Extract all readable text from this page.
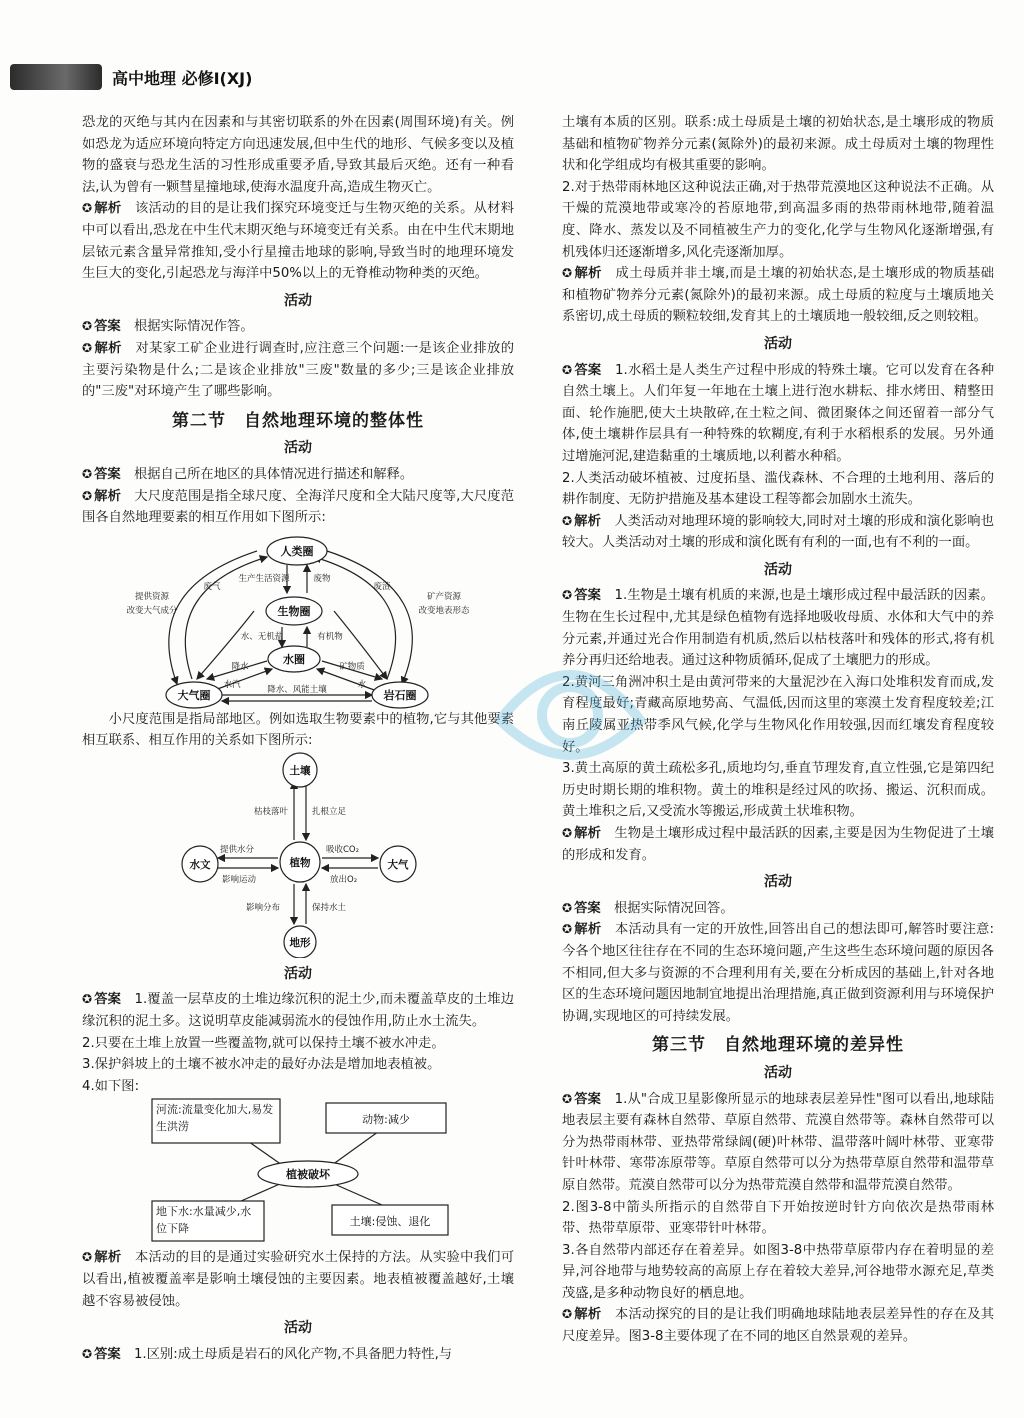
高中地理 必修Ⅰ(XJ)

恐龙的灭绝与其内在因素和与其密切联系的外在因素(周围环境)有关。例如恐龙为适应环境向特定方向迅速发展,但中生代的地形、气候多变以及植物的盛衰与恐龙生活的习性形成重要矛盾,导致其最后灭绝。还有一种看法,认为曾有一颗彗星撞地球,使海水温度升高,造成生物灭亡。

✪ 解析　 该活动的目的是让我们探究环境变迁与生物灭绝的关系。从材料中可以看出,恐龙在中生代末期灭绝与环境变迁有关系。由在中生代末期地层铱元素含量异常推知,受小行星撞击地球的影响,导致当时的地理环境发生巨大的变化,引起恐龙与海洋中50%以上的无脊椎动物种类的灭绝。

活动

✪ 答案　 根据实际情况作答。

✪ 解析　 对某家工矿企业进行调查时,应注意三个问题:一是该企业排放的主要污染物是什么;二是该企业排放"三废"数量的多少;三是该企业排放的"三废"对环境产生了哪些影响。

第二节　自然地理环境的整体性
活动

✪ 答案　 根据自己所在地区的具体情况进行描述和解释。

✪ 解析　 大尺度范围是指全球尺度、全海洋尺度和全大陆尺度等,大尺度范围各自然地理要素的相互作用如下图所示:

人类圈
生物圈
水圈
大气圈	岩石圈
生产生活资源	废物
水、无机盐	有机物
降水
水汽
矿物质
水
降水、风能土壤
提供资源
改变大气成分
废气	废渣
矿产资源
改变地表形态

小尺度范围是指局部地区。例如选取生物要素中的植物,它与其他要素相互联系、相互作用的关系如下图所示:

土壤
植物
水文	大气
地形
枯枝落叶	扎根立足
提供水分
影响运动
吸收CO₂
放出O₂
影响分布	保持水土
活动

✪ 答案　 1.覆盖一层草皮的土堆边缘沉积的泥土少,而未覆盖草皮的土堆边缘沉积的泥土多。这说明草皮能减弱流水的侵蚀作用,防止水土流失。

2.只要在土堆上放置一些覆盖物,就可以保持土壤不被水冲走。

3.保护斜坡上的土壤不被水冲走的最好办法是增加地表植被。

4.如下图:

河流:流量变化加大,易发生洪涝
动物:减少
植被破坏
地下水:水量减少,水位下降
土壤:侵蚀、退化

✪ 解析　 本活动的目的是通过实验研究水土保持的方法。从实验中我们可以看出,植被覆盖率是影响土壤侵蚀的主要因素。地表植被覆盖越好,土壤越不容易被侵蚀。

活动

✪ 答案　 1.区别:成土母质是岩石的风化产物,不具备肥力特性,与

土壤有本质的区别。联系:成土母质是土壤的初始状态,是土壤形成的物质基础和植物矿物养分元素(氮除外)的最初来源。成土母质对土壤的物理性状和化学组成均有极其重要的影响。

2.对于热带雨林地区这种说法正确,对于热带荒漠地区这种说法不正确。从干燥的荒漠地带或寒冷的苔原地带,到高温多雨的热带雨林地带,随着温度、降水、蒸发以及不同植被生产力的变化,化学与生物风化逐渐增强,有机残体归还逐渐增多,风化壳逐渐加厚。

✪ 解析　 成土母质并非土壤,而是土壤的初始状态,是土壤形成的物质基础和植物矿物养分元素(氮除外)的最初来源。成土母质的粒度与土壤质地关系密切,成土母质的颗粒较细,发育其上的土壤质地一般较细,反之则较粗。

活动

✪ 答案　 1.水稻土是人类生产过程中形成的特殊土壤。它可以发育在各种自然土壤上。人们年复一年地在土壤上进行泡水耕耘、排水烤田、精整田面、轮作施肥,使大土块散碎,在土粒之间、微团聚体之间还留着一部分气体,使土壤耕作层具有一种特殊的软糊度,有利于水稻根系的发展。另外通过增施河泥,建造黏重的土壤质地,以利蓄水种稻。

2.人类活动破坏植被、过度拓垦、滥伐森林、不合理的土地利用、落后的耕作制度、无防护措施及基本建设工程等都会加剧水土流失。

✪ 解析　 人类活动对地理环境的影响较大,同时对土壤的形成和演化影响也较大。人类活动对土壤的形成和演化既有有利的一面,也有不利的一面。

活动

✪ 答案　 1.生物是土壤有机质的来源,也是土壤形成过程中最活跃的因素。生物在生长过程中,尤其是绿色植物有选择地吸收母质、水体和大气中的养分元素,并通过光合作用制造有机质,然后以枯枝落叶和残体的形式,将有机养分再归还给地表。通过这种物质循环,促成了土壤肥力的形成。

2.黄河三角洲冲积土是由黄河带来的大量泥沙在入海口处堆积发育而成,发育程度最好;青藏高原地势高、气温低,因而这里的寒漠土发育程度较差;江南丘陵属亚热带季风气候,化学与生物风化作用较强,因而红壤发育程度较好。

3.黄土高原的黄土疏松多孔,质地均匀,垂直节理发育,直立性强,它是第四纪历史时期长期的堆积物。黄土的堆积是经过风的吹扬、搬运、沉积而成。黄土堆积之后,又受流水等搬运,形成黄土状堆积物。

✪ 解析　 生物是土壤形成过程中最活跃的因素,主要是因为生物促进了土壤的形成和发育。

活动

✪ 答案　 根据实际情况回答。

✪ 解析　 本活动具有一定的开放性,回答出自己的想法即可,解答时要注意:今各个地区往往存在不同的生态环境问题,产生这些生态环境问题的原因各不相同,但大多与资源的不合理利用有关,要在分析成因的基础上,针对各地区的生态环境问题因地制宜地提出治理措施,真正做到资源利用与环境保护协调,实现地区的可持续发展。

第三节　自然地理环境的差异性
活动

✪ 答案　 1.从"合成卫星影像所显示的地球表层差异性"图可以看出,地球陆地表层主要有森林自然带、草原自然带、荒漠自然带等。森林自然带可以分为热带雨林带、亚热带常绿阔(硬)叶林带、温带落叶阔叶林带、亚寒带针叶林带、寒带冻原带等。草原自然带可以分为热带草原自然带和温带草原自然带。荒漠自然带可以分为热带荒漠自然带和温带荒漠自然带。

2.图3-8中箭头所指示的自然带自下开始按逆时针方向依次是热带雨林带、热带草原带、亚寒带针叶林带。

3.各自然带内部还存在着差异。如图3-8中热带草原带内存在着明显的差异,河谷地带与地势较高的高原上存在着较大差异,河谷地带水源充足,草类茂盛,是多种动物良好的栖息地。

✪ 解析　 本活动探究的目的是让我们明确地球陆地表层差异性的存在及其尺度差异。图3-8主要体现了在不同的地区自然景观的差异。
